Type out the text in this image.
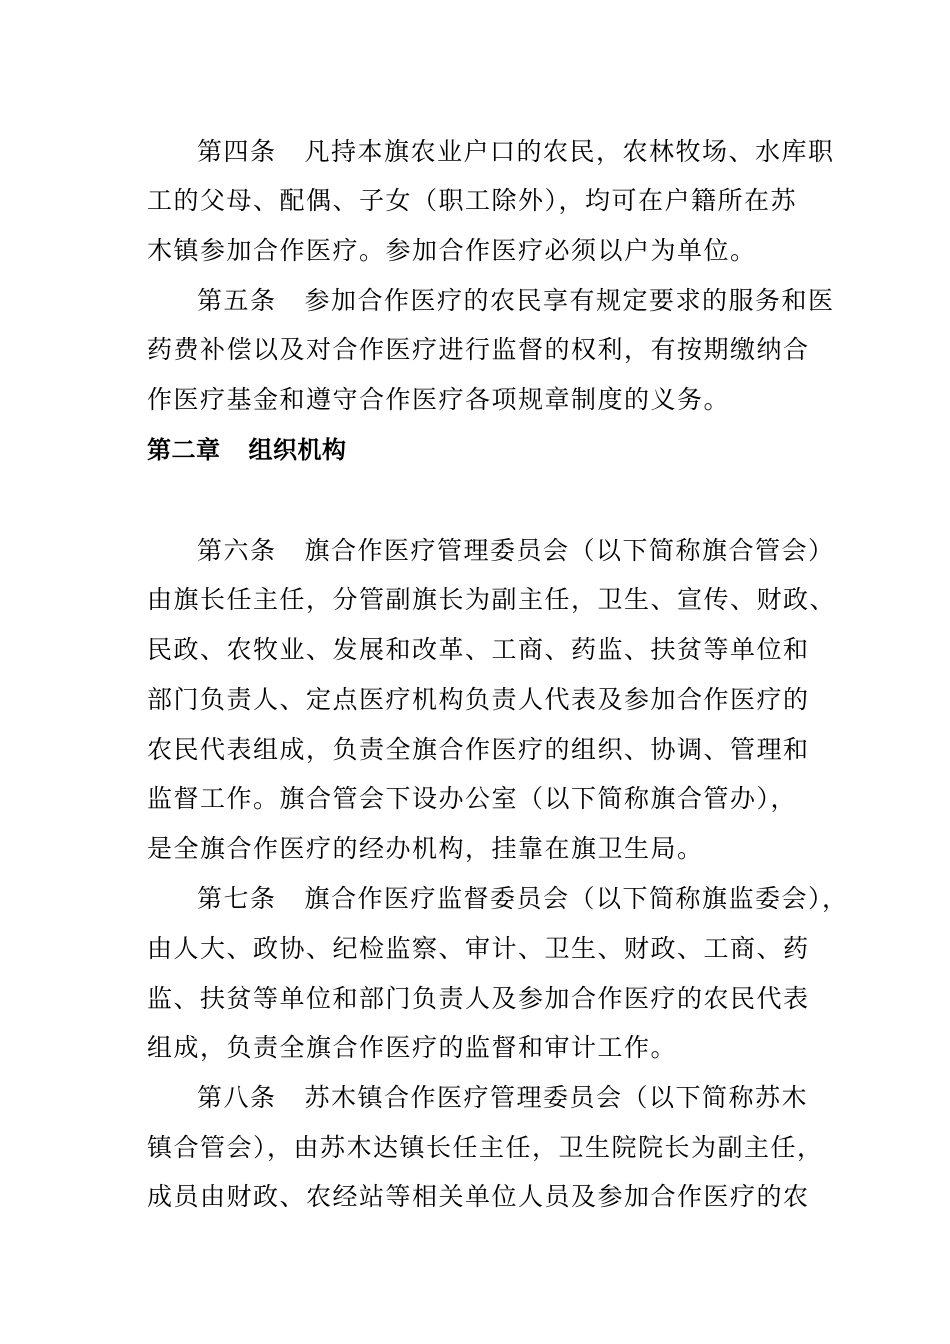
第四条 凡持本旗农业户口的农民，农林牧场、水库职
工的父母、配偶、子女（职工除外），均可在户籍所在苏
木镇参加合作医疗。参加合作医疗必须以户为单位。
第五条 参加合作医疗的农民享有规定要求的服务和医
药费补偿以及对合作医疗进行监督的权利，有按期缴纳合
作医疗基金和遵守合作医疗各项规章制度的义务。
第二章 组织机构
第六条 旗合作医疗管理委员会（以下简称旗合管会）
由旗长任主任，分管副旗长为副主任，卫生、宣传、财政、
民政、农牧业、发展和改革、工商、药监、扶贫等单位和
部门负责人、定点医疗机构负责人代表及参加合作医疗的
农民代表组成，负责全旗合作医疗的组织、协调、管理和
监督工作。旗合管会下设办公室（以下简称旗合管办），
是全旗合作医疗的经办机构，挂靠在旗卫生局。
第七条 旗合作医疗监督委员会（以下简称旗监委会），
由人大、政协、纪检监察、审计、卫生、财政、工商、药
监、扶贫等单位和部门负责人及参加合作医疗的农民代表
组成，负责全旗合作医疗的监督和审计工作。
第八条 苏木镇合作医疗管理委员会（以下简称苏木
镇合管会），由苏木达镇长任主任，卫生院院长为副主任，
成员由财政、农经站等相关单位人员及参加合作医疗的农
